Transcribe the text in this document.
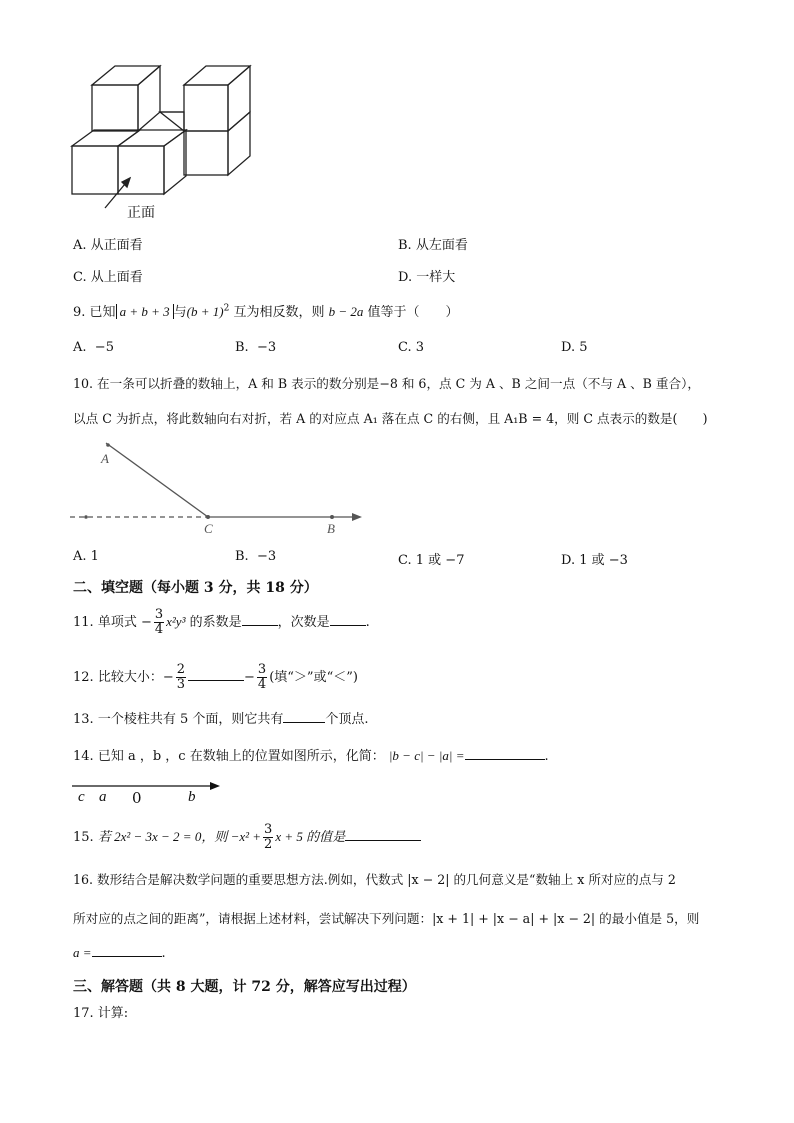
正面
A. 从正面看	B. 从左面看
C. 从上面看	D. 一样大
9. 已知 a + b + 3 与$(b + 1)^2$ 互为相反数，则 b − 2a 值等于（　　）
A. −5	B. −3	C. 3	D. 5
10. 在一条可以折叠的数轴上，A 和 B 表示的数分别是−8 和 6，点 C 为 A 、B 之间一点（不与 A 、B 重合），
以点 C 为折点，将此数轴向右对折，若 A 的对应点 A₁ 落在点 C 的右侧，且 A₁B = 4，则 C 点表示的数是(　　)
A
C	B
A. 1	B. −3	C. 1 或 −7	D. 1 或 −3
二、填空题（每小题 3 分，共 18 分）
11. 单项式 − $\frac{3}{4} x^2y^3$ 的系数是	，次数是	.
12. 比较大小：− $\frac{2}{3}$	− $\frac{3}{4}$ (填“＞”或“＜”)
13. 一个棱柱共有 5 个面，则它共有	个顶点.
14. 已知 a ，b ，c 在数轴上的位置如图所示，化简： |b − c| − |a| =	.
c a 0	b
15. 若 2x² − 3x − 2 = 0，则 $-x^2 + \frac{3}{2}$ x + 5 的值是
16. 数形结合是解决数学问题的重要思想方法.例如，代数式 |x − 2| 的几何意义是“数轴上 x 所对应的点与 2
所对应的点之间的距离”，请根据上述材料，尝试解决下列问题：|x + 1| + |x − a| + |x − 2| 的最小值是 5，则
a =	.
三、解答题（共 8 大题，计 72 分，解答应写出过程）
17. 计算:
